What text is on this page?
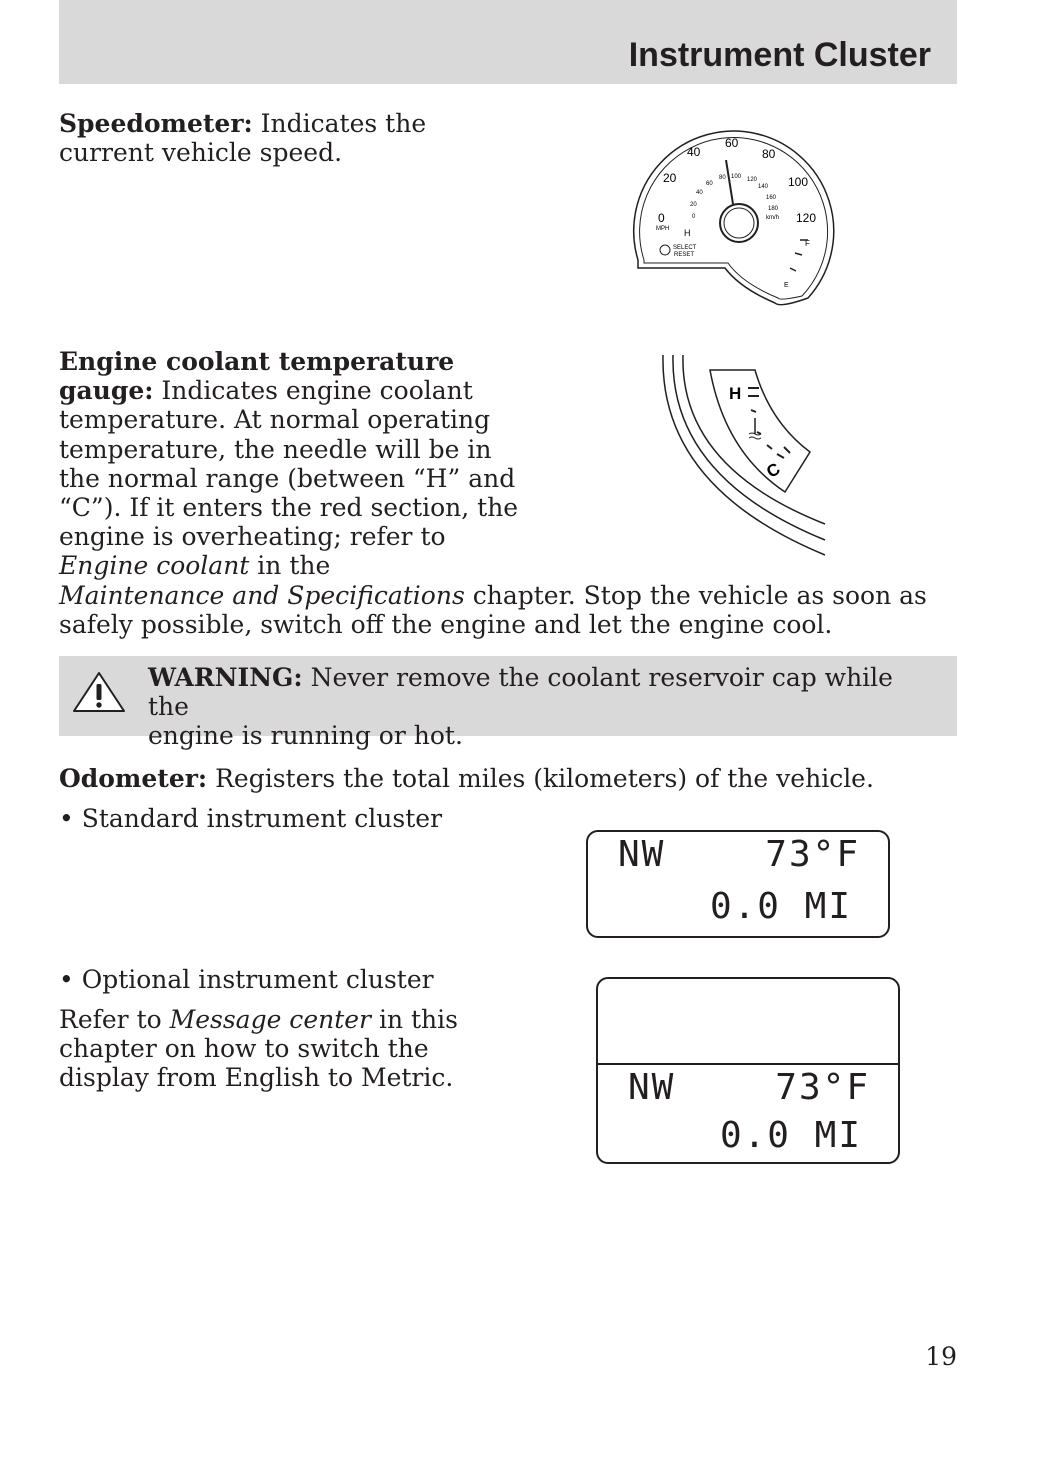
Instrument Cluster
Speedometer: Indicates the
current vehicle speed.
0
20
40
60
80
100
120
0
20
40
60
80 100 120
140
160
180
MPH
km/h
H
SELECT
RESET
F
E
Engine coolant temperature
gauge: Indicates engine coolant
temperature. At normal operating
temperature, the needle will be in
the normal range (between “H” and
“C”). If it enters the red section, the
engine is overheating; refer to
Engine coolant in the
Maintenance and Specifications chapter. Stop the vehicle as soon as
safely possible, switch off the engine and let the engine cool.
H
C
WARNING: Never remove the coolant reservoir cap while the
engine is running or hot.
Odometer: Registers the total miles (kilometers) of the vehicle.
• Standard instrument cluster
NW	73°F
0.0 MI
• Optional instrument cluster
Refer to Message center in this
chapter on how to switch the
display from English to Metric.	NW	73°F
0.0 MI
19
